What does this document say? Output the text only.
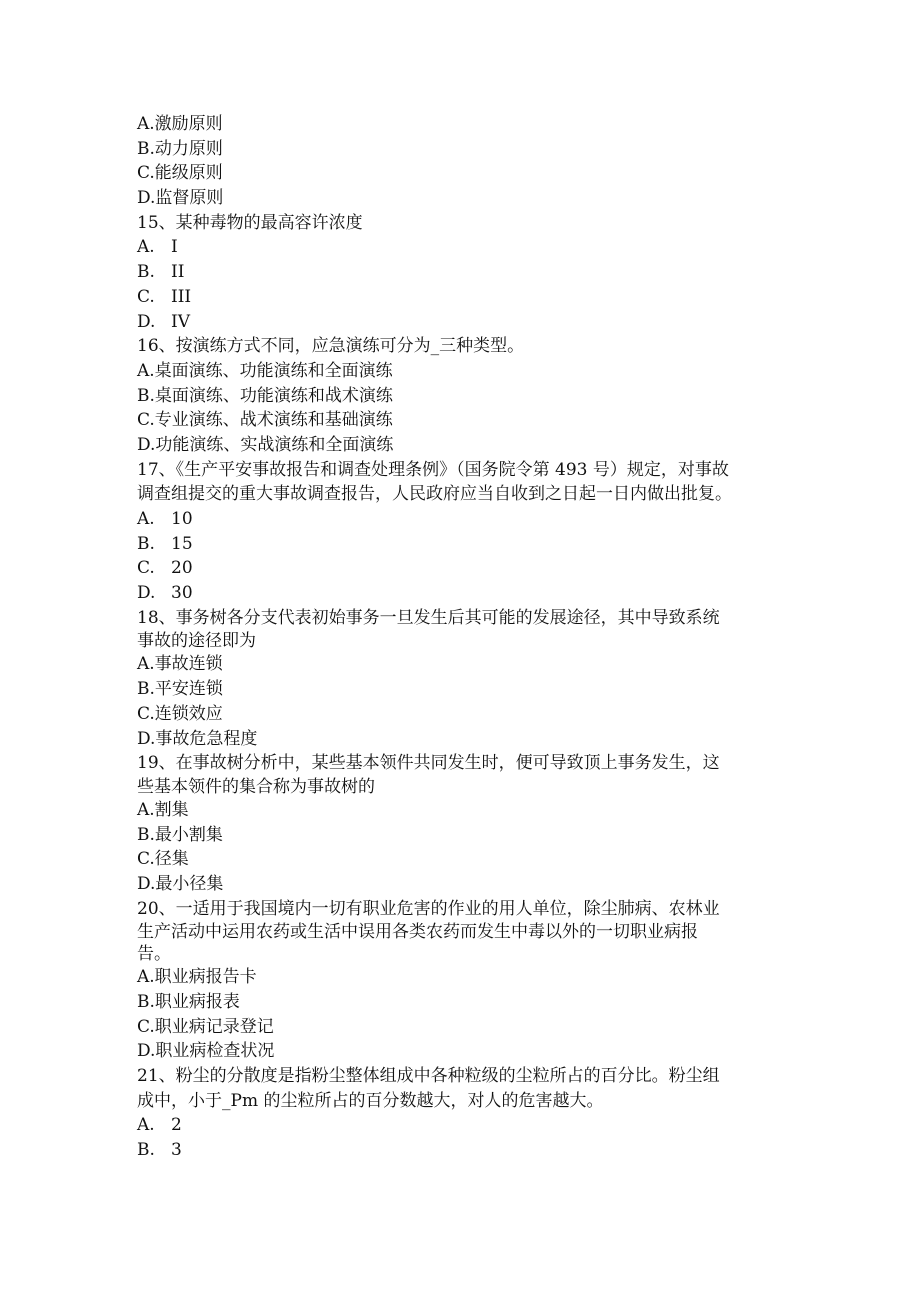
A.激励原则
B.动力原则
C.能级原则
D.监督原则
15、某种毒物的最高容许浓度
A. I
B. II
C. III
D. IV
16、按演练方式不同，应急演练可分为_三种类型。
A.桌面演练、功能演练和全面演练
B.桌面演练、功能演练和战术演练
C.专业演练、战术演练和基础演练
D.功能演练、实战演练和全面演练
17、《生产平安事故报告和调查处理条例》（国务院令第 493 号）规定，对事故
调查组提交的重大事故调查报告，人民政府应当自收到之日起一日内做出批复。
A. 10
B. 15
C. 20
D. 30
18、事务树各分支代表初始事务一旦发生后其可能的发展途径，其中导致系统
事故的途径即为
A.事故连锁
B.平安连锁
C.连锁效应
D.事故危急程度
19、在事故树分析中，某些基本领件共同发生时，便可导致顶上事务发生，这
些基本领件的集合称为事故树的
A.割集
B.最小割集
C.径集
D.最小径集
20、一适用于我国境内一切有职业危害的作业的用人单位，除尘肺病、农林业
生产活动中运用农药或生活中误用各类农药而发生中毒以外的一切职业病报
告。
A.职业病报告卡
B.职业病报表
C.职业病记录登记
D.职业病检查状况
21、粉尘的分散度是指粉尘整体组成中各种粒级的尘粒所占的百分比。粉尘组
成中，小于_Pm 的尘粒所占的百分数越大，对人的危害越大。
A. 2
B. 3
